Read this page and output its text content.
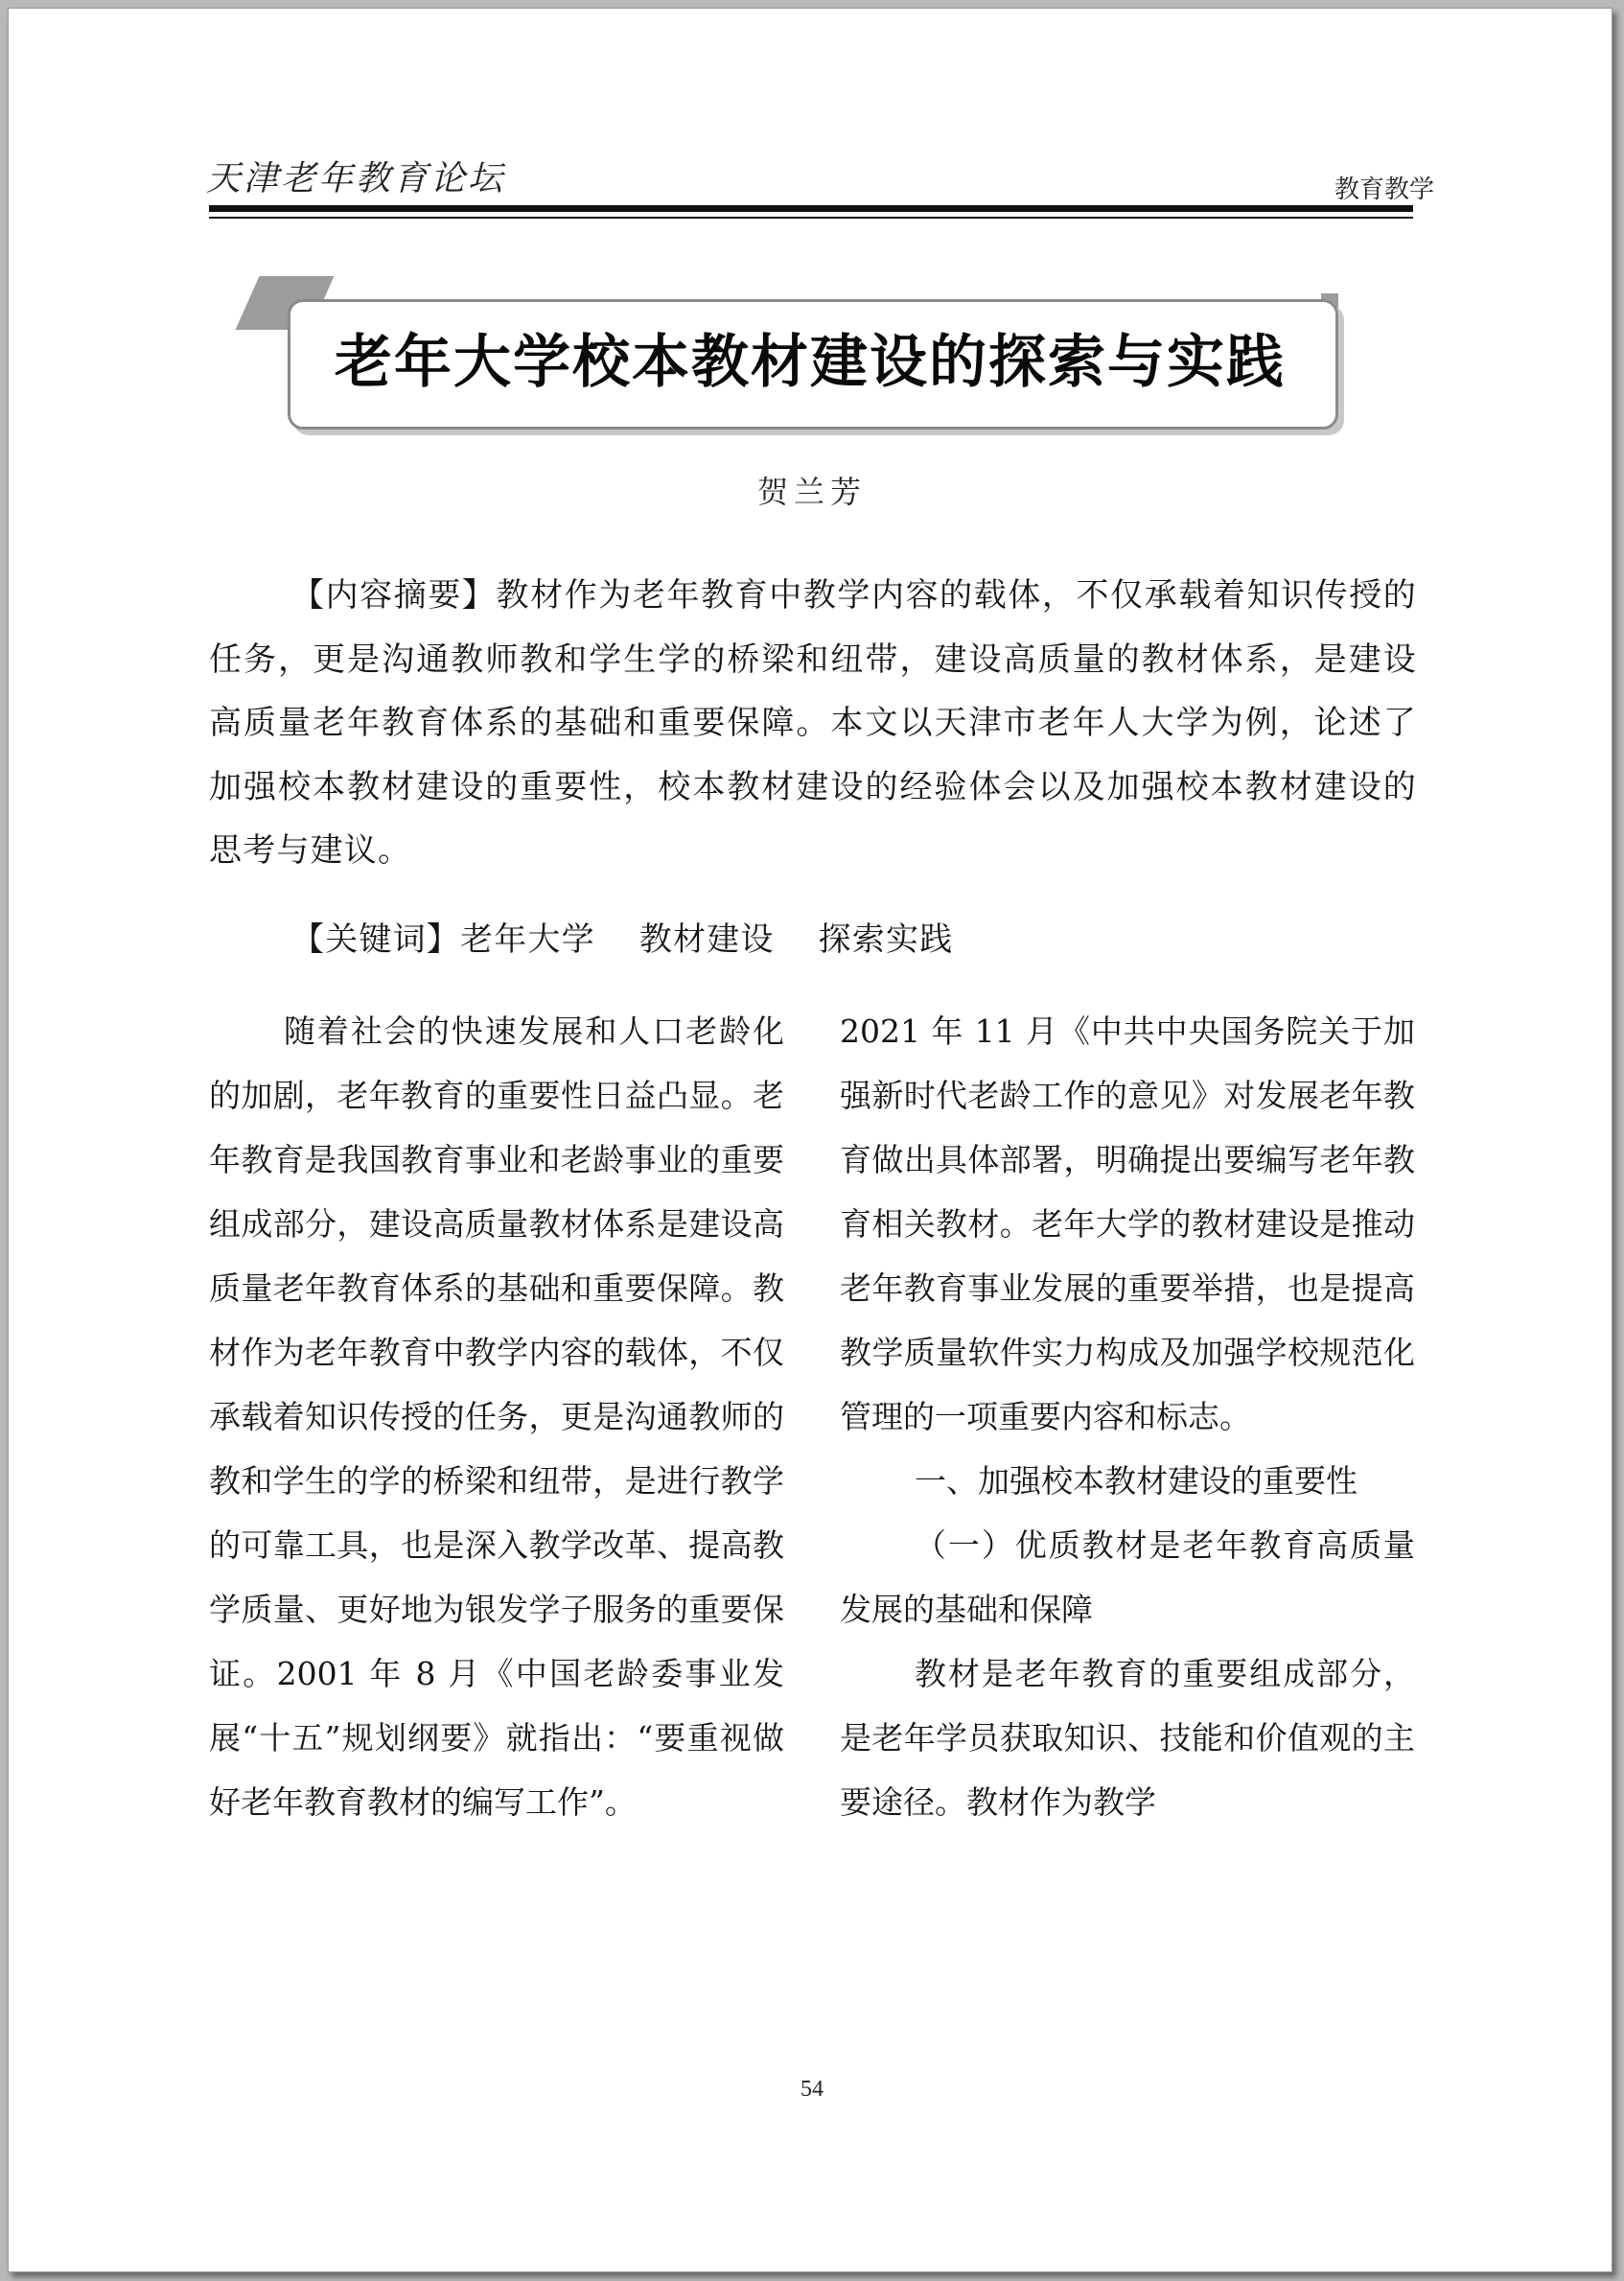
天津老年教育论坛	教育教学
老年大学校本教材建设的探索与实践
贺兰芳

【内容摘要】教材作为老年教育中教学内容的载体，不仅承载着知识传授的任务，更是沟通教师教和学生学的桥梁和纽带，建设高质量的教材体系，是建设高质量老年教育体系的基础和重要保障。本文以天津市老年人大学为例，论述了加强校本教材建设的重要性，校本教材建设的经验体会以及加强校本教材建设的思考与建议。

【关键词】老年大学 教材建设 探索实践

随着社会的快速发展和人口老龄化的加剧，老年教育的重要性日益凸显。老年教育是我国教育事业和老龄事业的重要组成部分，建设高质量教材体系是建设高质量老年教育体系的基础和重要保障。教材作为老年教育中教学内容的载体，不仅承载着知识传授的任务，更是沟通教师的教和学生的学的桥梁和纽带，是进行教学的可靠工具，也是深入教学改革、提高教学质量、更好地为银发学子服务的重要保证。2001 年 8 月《中国老龄委事业发展“十五”规划纲要》就指出：“要重视做好老年教育教材的编写工作”。

2021 年 11 月《中共中央国务院关于加强新时代老龄工作的意见》对发展老年教育做出具体部署，明确提出要编写老年教育相关教材。老年大学的教材建设是推动老年教育事业发展的重要举措，也是提高教学质量软件实力构成及加强学校规范化管理的一项重要内容和标志。

一、加强校本教材建设的重要性

（一）优质教材是老年教育高质量发展的基础和保障

教材是老年教育的重要组成部分，是老年学员获取知识、技能和价值观的主要途径。教材作为教学

54
